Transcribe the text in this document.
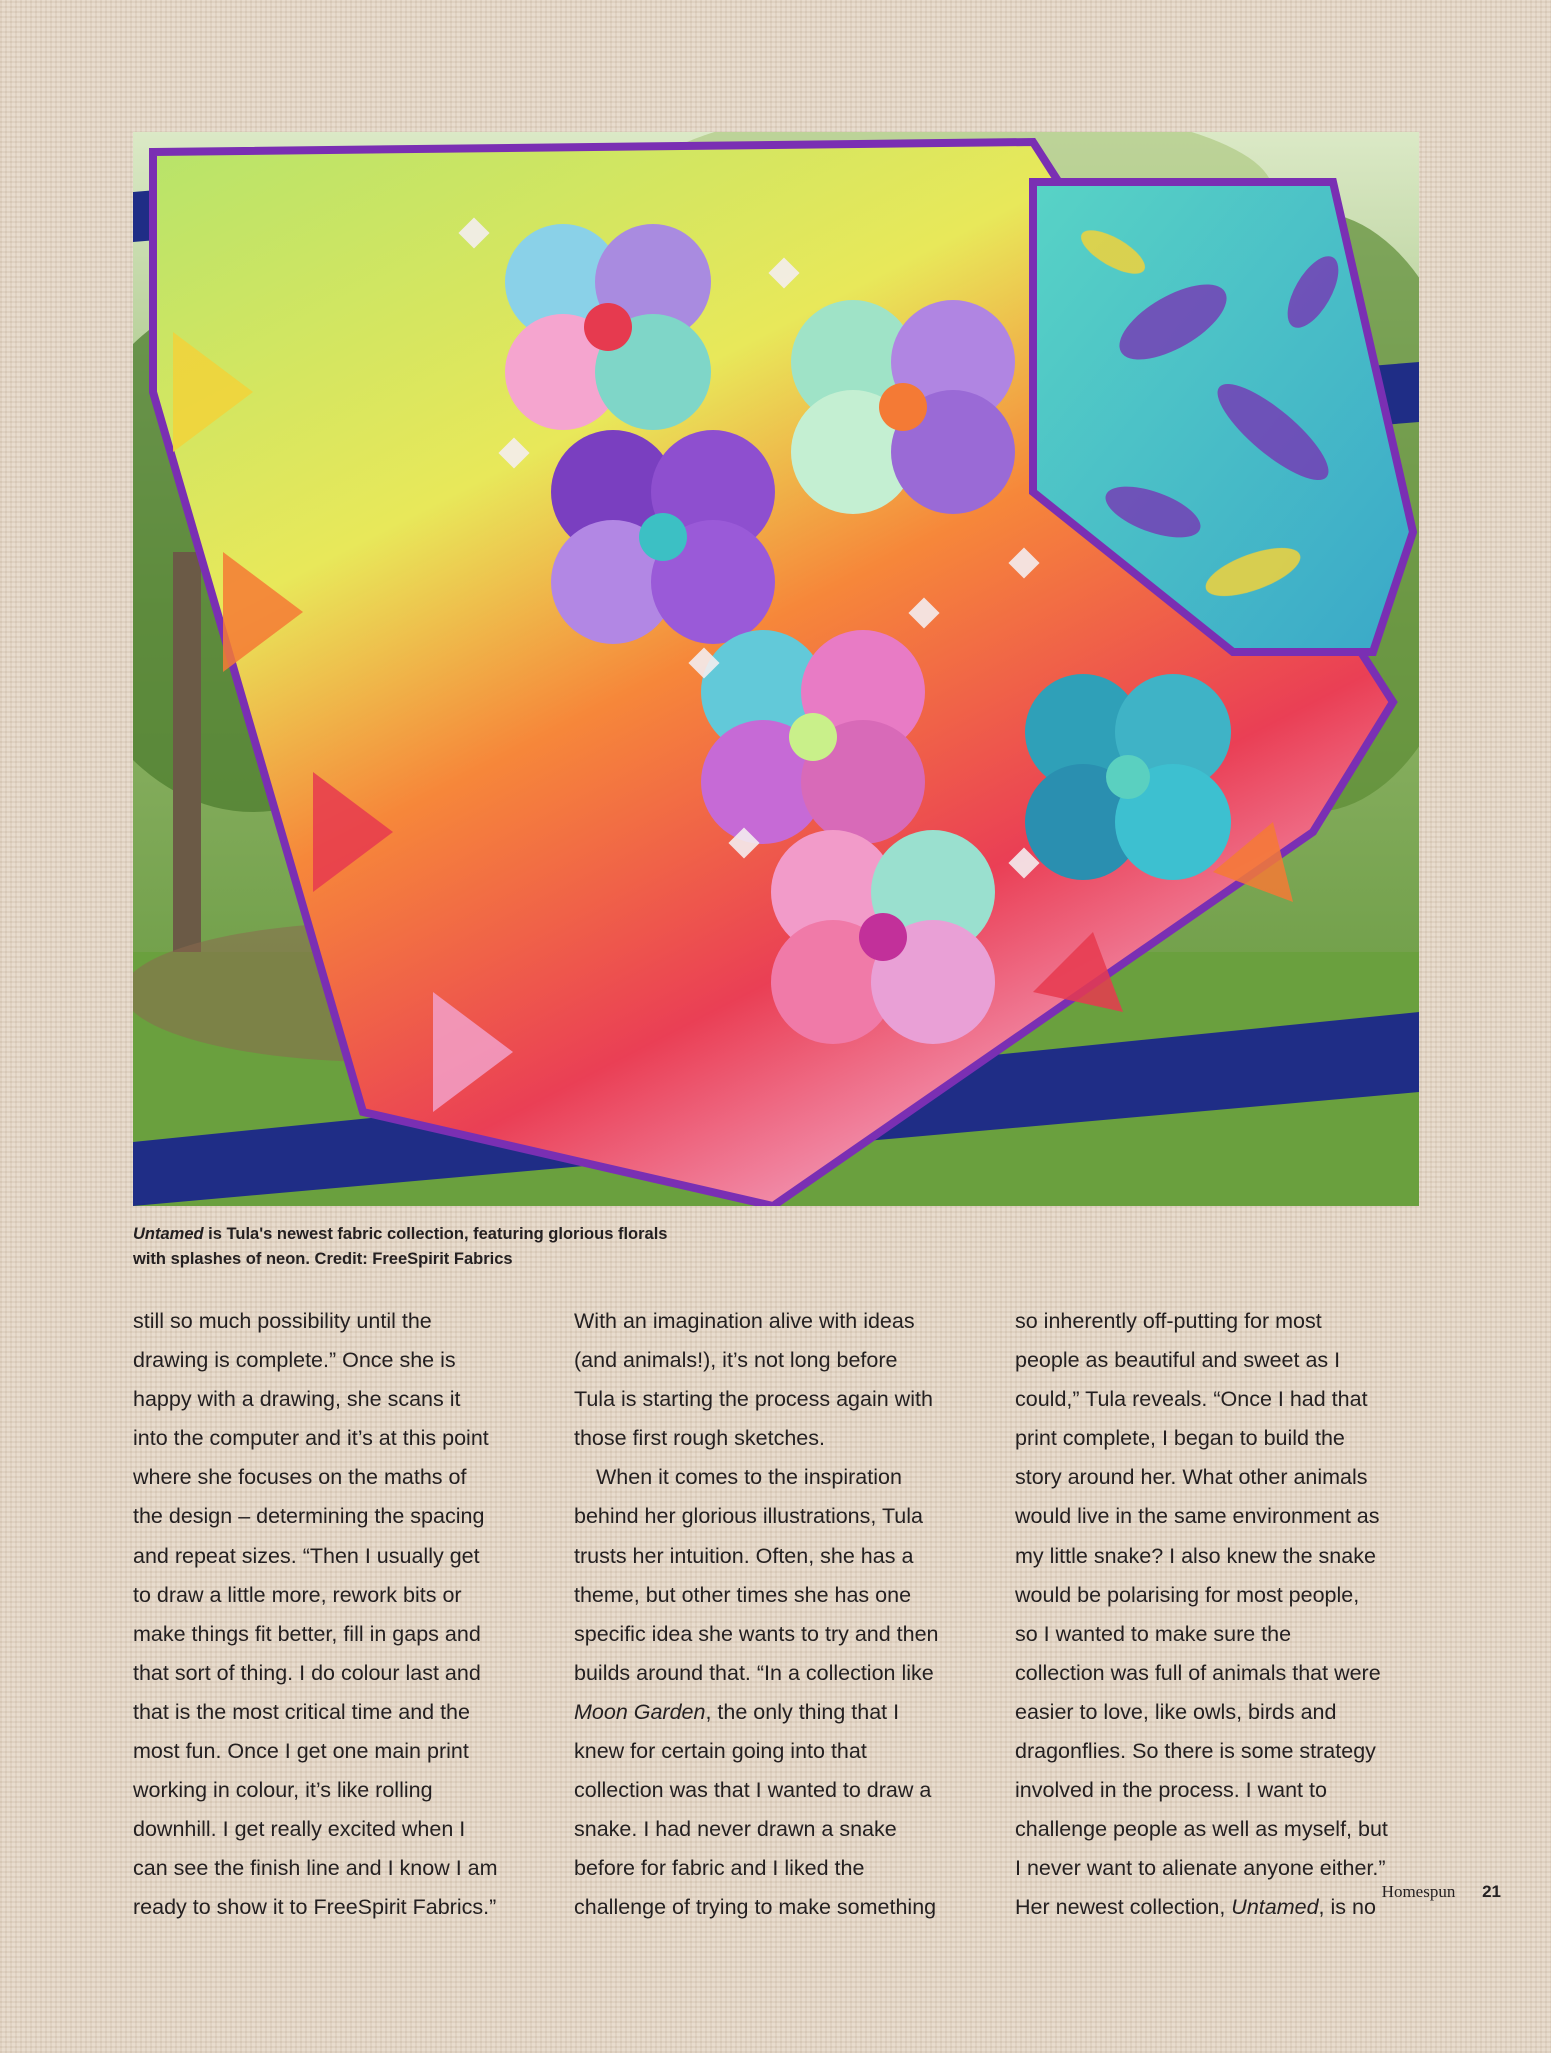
Untamed is Tula's newest fabric collection, featuring glorious florals
with splashes of neon. Credit: FreeSpirit Fabrics
still so much possibility until the
drawing is complete.” Once she is
happy with a drawing, she scans it
into the computer and it’s at this point
where she focuses on the maths of
the design – determining the spacing
and repeat sizes. “Then I usually get
to draw a little more, rework bits or
make things fit better, fill in gaps and
that sort of thing. I do colour last and
that is the most critical time and the
most fun. Once I get one main print
working in colour, it’s like rolling
downhill. I get really excited when I
can see the finish line and I know I am
ready to show it to FreeSpirit Fabrics.”
With an imagination alive with ideas
(and animals!), it’s not long before
Tula is starting the process again with
those first rough sketches.
When it comes to the inspiration
behind her glorious illustrations, Tula
trusts her intuition. Often, she has a
theme, but other times she has one
specific idea she wants to try and then
builds around that. “In a collection like
Moon Garden, the only thing that I
knew for certain going into that
collection was that I wanted to draw a
snake. I had never drawn a snake
before for fabric and I liked the
challenge of trying to make something
so inherently off-putting for most
people as beautiful and sweet as I
could,” Tula reveals. “Once I had that
print complete, I began to build the
story around her. What other animals
would live in the same environment as
my little snake? I also knew the snake
would be polarising for most people,
so I wanted to make sure the
collection was full of animals that were
easier to love, like owls, birds and
dragonflies. So there is some strategy
involved in the process. I want to
challenge people as well as myself, but
I never want to alienate anyone either.”
Her newest collection, Untamed, is no
Homespun 21
